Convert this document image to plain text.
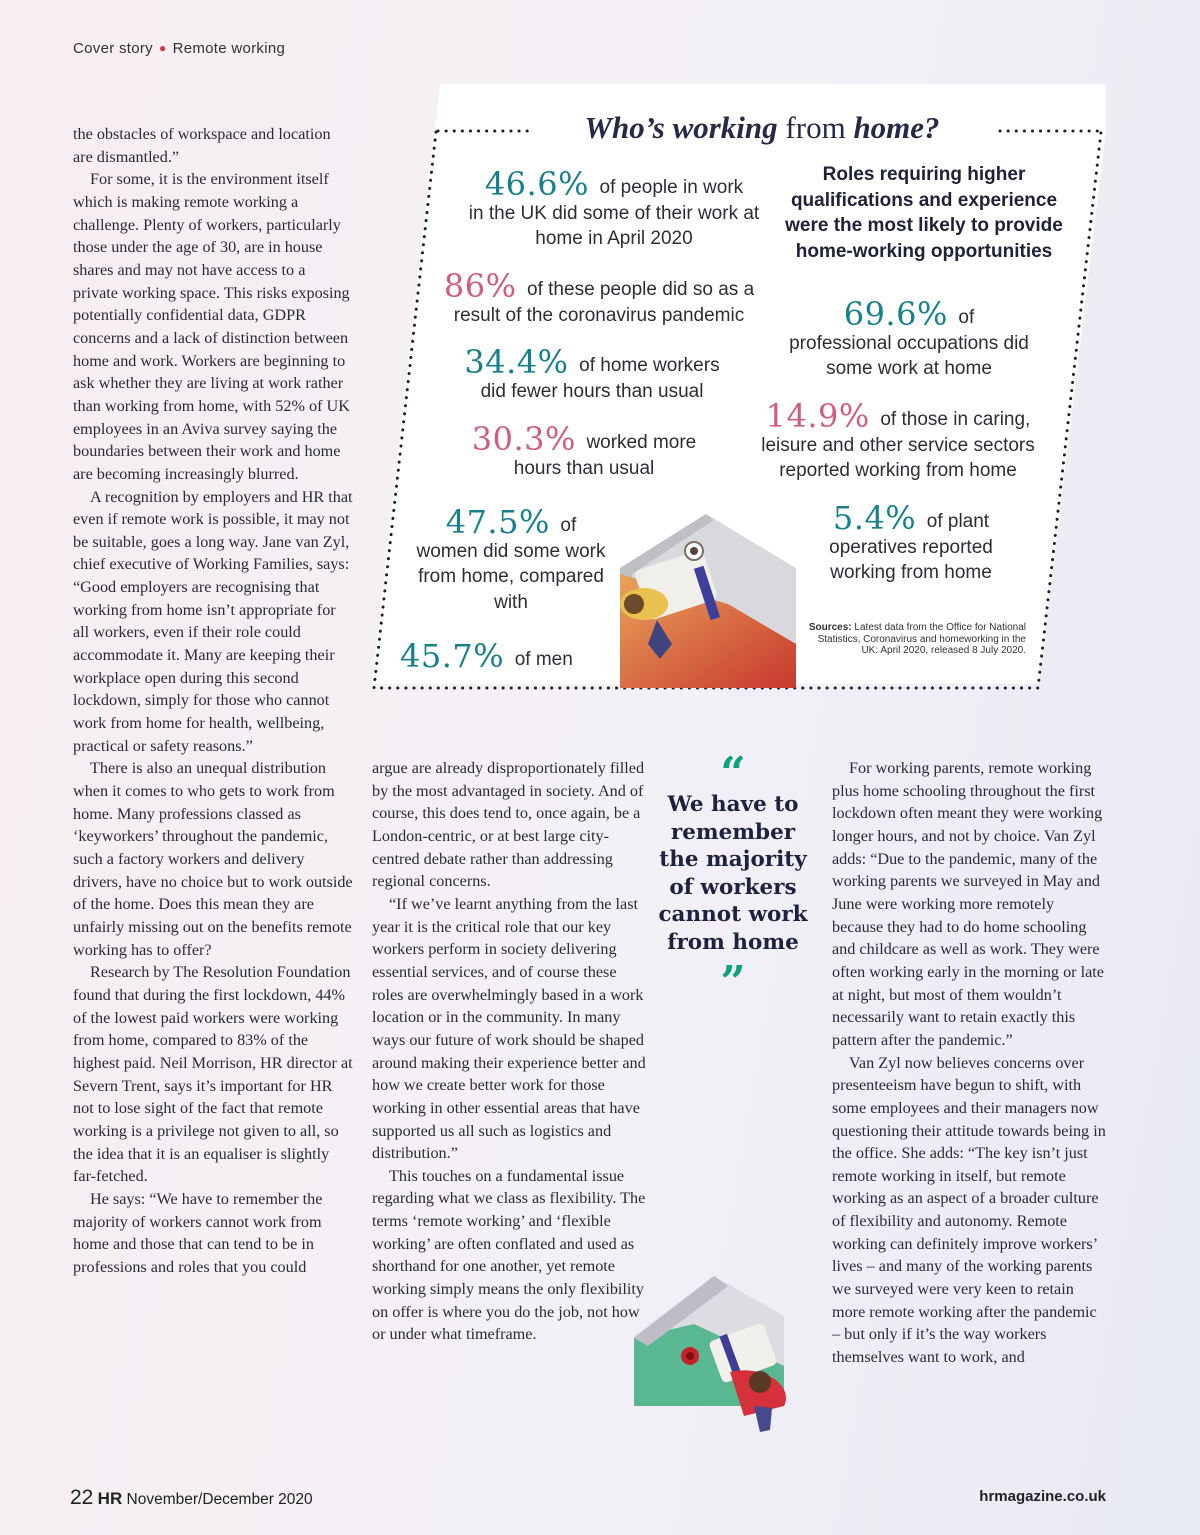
Cover story ● Remote working

the obstacles of workspace and location are dismantled.”

For some, it is the environment itself which is making remote working a challenge. Plenty of workers, particularly those under the age of 30, are in house shares and may not have access to a private working space. This risks exposing potentially confidential data, GDPR concerns and a lack of distinction between home and work. Workers are beginning to ask whether they are living at work rather than working from home, with 52% of UK employees in an Aviva survey saying the boundaries between their work and home are becoming increasingly blurred.

A recognition by employers and HR that even if remote work is possible, it may not be suitable, goes a long way. Jane van Zyl, chief executive of Working Families, says: “Good employers are recognising that working from home isn’t appropriate for all workers, even if their role could accommodate it. Many are keeping their workplace open during this second lockdown, simply for those who cannot work from home for health, wellbeing, practical or safety reasons.”

There is also an unequal distribution when it comes to who gets to work from home. Many professions classed as ‘keyworkers’ throughout the pandemic, such a factory workers and delivery drivers, have no choice but to work outside of the home. Does this mean they are unfairly missing out on the benefits remote working has to offer?

Research by The Resolution Foundation found that during the first lockdown, 44% of the lowest paid workers were working from home, compared to 83% of the highest paid. Neil Morrison, HR director at Severn Trent, says it’s important for HR not to lose sight of the fact that remote working is a privilege not given to all, so the idea that it is an equaliser is slightly far-fetched.

He says: “We have to remember the majority of workers cannot work from home and those that can tend to be in professions and roles that you could

Who’s working from home?
46.6% of people in work
in the UK did some of their work at home in April 2020
86% of these people did so as a
result of the coronavirus pandemic
34.4% of home workers
did fewer hours than usual
30.3% worked more
hours than usual
47.5% of
women did some work from home, compared with
45.7% of men
Roles requiring higher qualifications and experience were the most likely to provide home-working opportunities
69.6% of
professional occupations did some work at home
14.9% of those in caring,
leisure and other service sectors reported working from home
5.4% of plant
operatives reported working from home
Sources: Latest data from the Office for National Statistics, Coronavirus and homeworking in the UK: April 2020, released 8 July 2020.

argue are already disproportionately filled by the most advantaged in society. And of course, this does tend to, once again, be a London-centric, or at best large city-centred debate rather than addressing regional concerns.

“If we’ve learnt anything from the last year it is the critical role that our key workers perform in society delivering essential services, and of course these roles are overwhelmingly based in a work location or in the community. In many ways our future of work should be shaped around making their experience better and how we create better work for those working in other essential areas that have supported us all such as logistics and distribution.”

This touches on a fundamental issue regarding what we class as flexibility. The terms ‘remote working’ and ‘flexible working’ are often conflated and used as shorthand for one another, yet remote working simply means the only flexibility on offer is where you do the job, not how or under what timeframe.

“
We have to remember the majority of workers cannot work from home
”

For working parents, remote working plus home schooling throughout the first lockdown often meant they were working longer hours, and not by choice. Van Zyl adds: “Due to the pandemic, many of the working parents we surveyed in May and June were working more remotely because they had to do home schooling and childcare as well as work. They were often working early in the morning or late at night, but most of them wouldn’t necessarily want to retain exactly this pattern after the pandemic.”

Van Zyl now believes concerns over presenteeism have begun to shift, with some employees and their managers now questioning their attitude towards being in the office. She adds: “The key isn’t just remote working in itself, but remote working as an aspect of a broader culture of flexibility and autonomy. Remote working can definitely improve workers’ lives – and many of the working parents we surveyed were very keen to retain more remote working after the pandemic – but only if it’s the way workers themselves want to work, and

22 HR November/December 2020	hrmagazine.co.uk
